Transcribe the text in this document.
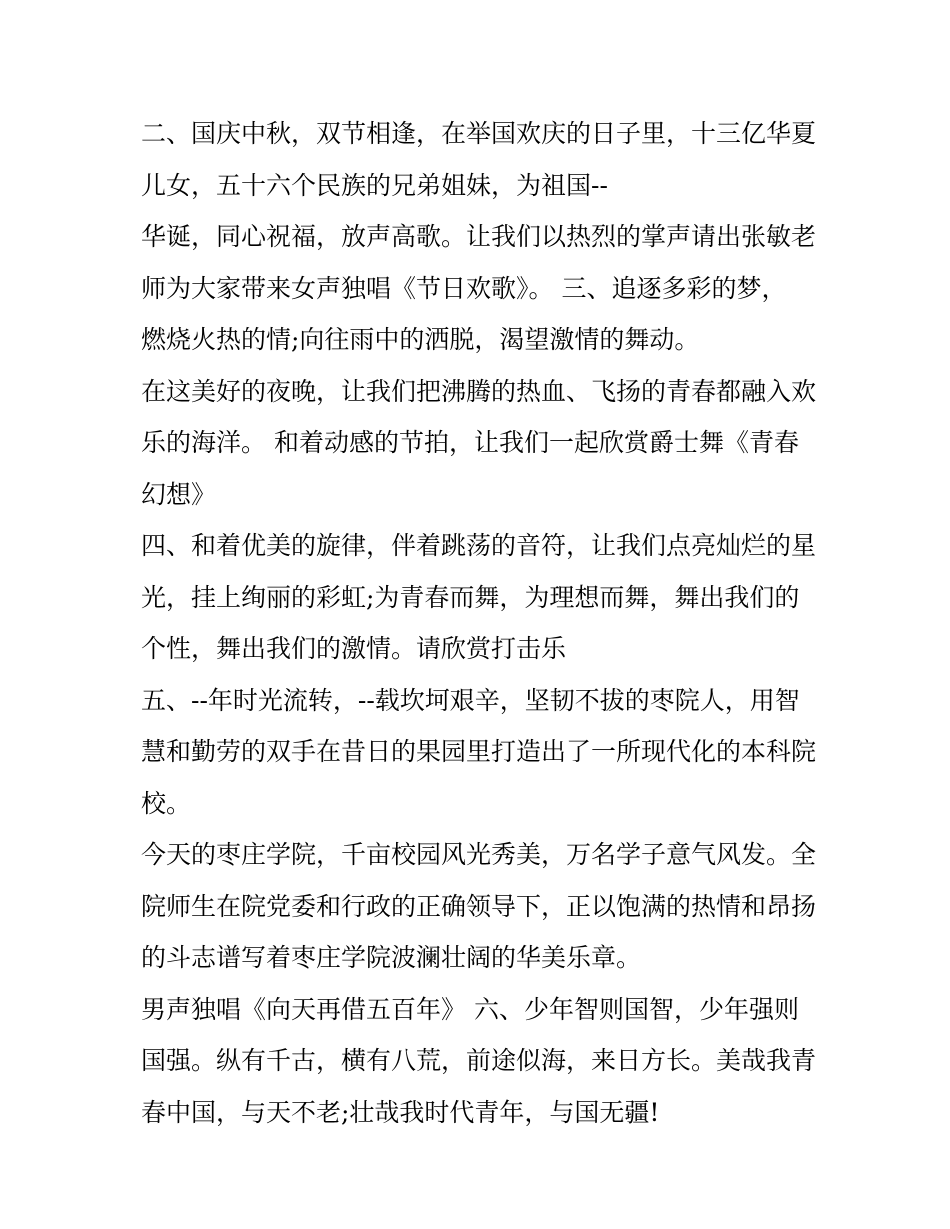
二、国庆中秋，双节相逢，在举国欢庆的日子里，十三亿华夏
儿女，五十六个民族的兄弟姐妹，为祖国--
华诞，同心祝福，放声高歌。让我们以热烈的掌声请出张敏老
师为大家带来女声独唱《节日欢歌》。 三、追逐多彩的梦，
燃烧火热的情;向往雨中的洒脱，渴望激情的舞动。
在这美好的夜晚，让我们把沸腾的热血、飞扬的青春都融入欢
乐的海洋。 和着动感的节拍，让我们一起欣赏爵士舞《青春
幻想》
四、和着优美的旋律，伴着跳荡的音符，让我们点亮灿烂的星
光，挂上绚丽的彩虹;为青春而舞，为理想而舞，舞出我们的
个性，舞出我们的激情。请欣赏打击乐
五、--年时光流转，--载坎坷艰辛，坚韧不拔的枣院人，用智
慧和勤劳的双手在昔日的果园里打造出了一所现代化的本科院
校。
今天的枣庄学院，千亩校园风光秀美，万名学子意气风发。全
院师生在院党委和行政的正确领导下，正以饱满的热情和昂扬
的斗志谱写着枣庄学院波澜壮阔的华美乐章。
男声独唱《向天再借五百年》 六、少年智则国智，少年强则
国强。纵有千古，横有八荒，前途似海，来日方长。美哉我青
春中国，与天不老;壮哉我时代青年，与国无疆!
